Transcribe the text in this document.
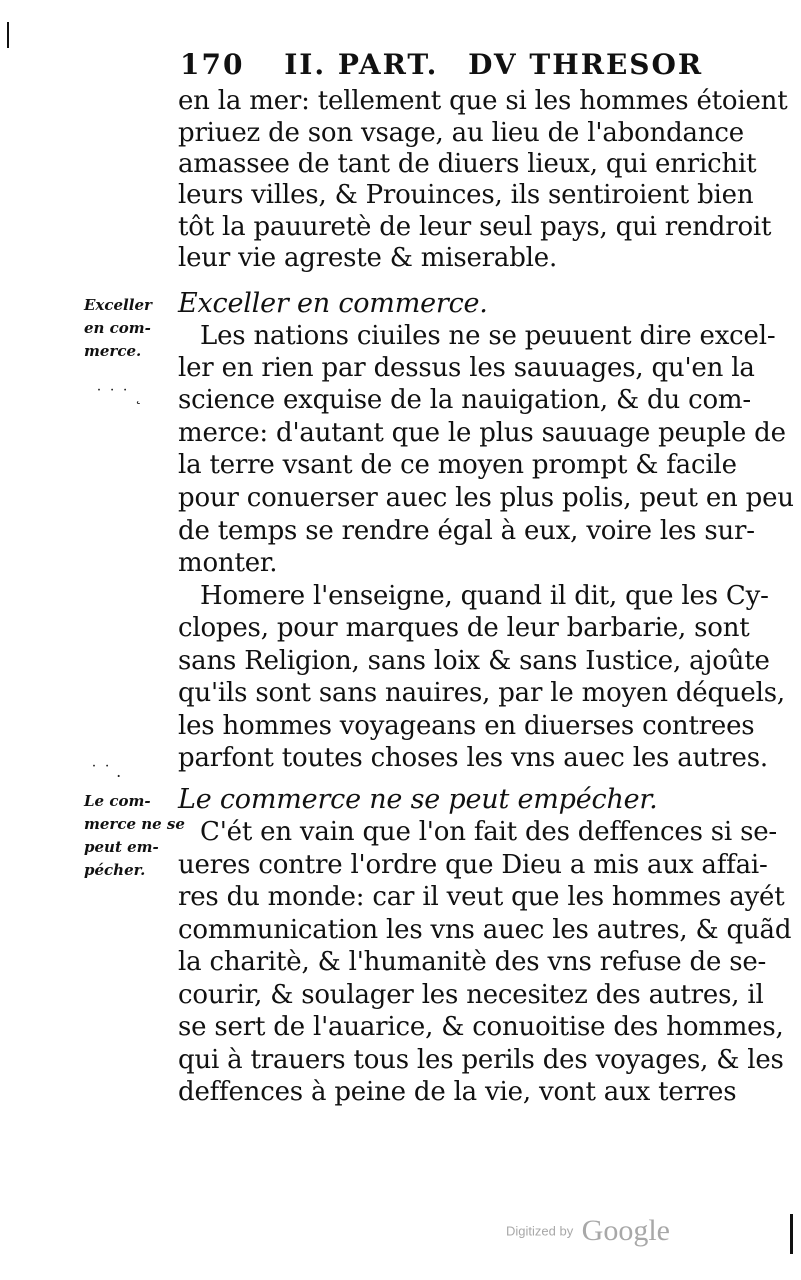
170 II. PART. DV THRESOR
en la mer: tellement que si les hommes étoient
priuez de son vsage, au lieu de l'abondance
amassee de tant de diuers lieux, qui enrichit
leurs villes, & Prouinces, ils sentiroient bien
tôt la pauuretè de leur seul pays, qui rendroit
leur vie agreste & miserable.
Exceller
en com-
merce.
Exceller en commerce.
Les nations ciuiles ne se peuuent dire excel-
ler en rien par dessus les sauuages, qu'en la
science exquise de la nauigation, & du com-
merce: d'autant que le plus sauuage peuple de
la terre vsant de ce moyen prompt & facile
pour conuerser auec les plus polis, peut en peu
de temps se rendre égal à eux, voire les sur-
monter.
Homere l'enseigne, quand il dit, que les Cy-
clopes, pour marques de leur barbarie, sont
sans Religion, sans loix & sans Iustice, ajoûte
qu'ils sont sans nauires, par le moyen déquels,
les hommes voyageans en diuerses contrees
parfont toutes choses les vns auec les autres.
Le com-
merce ne se
peut em-
pécher.
Le commerce ne se peut empécher.
C'ét en vain que l'on fait des deffences si se-
ueres contre l'ordre que Dieu a mis aux affai-
res du monde: car il veut que les hommes ayét
communication les vns auec les autres, & quãd
la charitè, & l'humanitè des vns refuse de se-
courir, & soulager les necesitez des autres, il
se sert de l'auarice, & conuoitise des hommes,
qui à trauers tous les perils des voyages, & les
deffences à peine de la vie, vont aux terres
˙ ˙ ˙ ˛
˙ ˙ .
Digitized by Google
